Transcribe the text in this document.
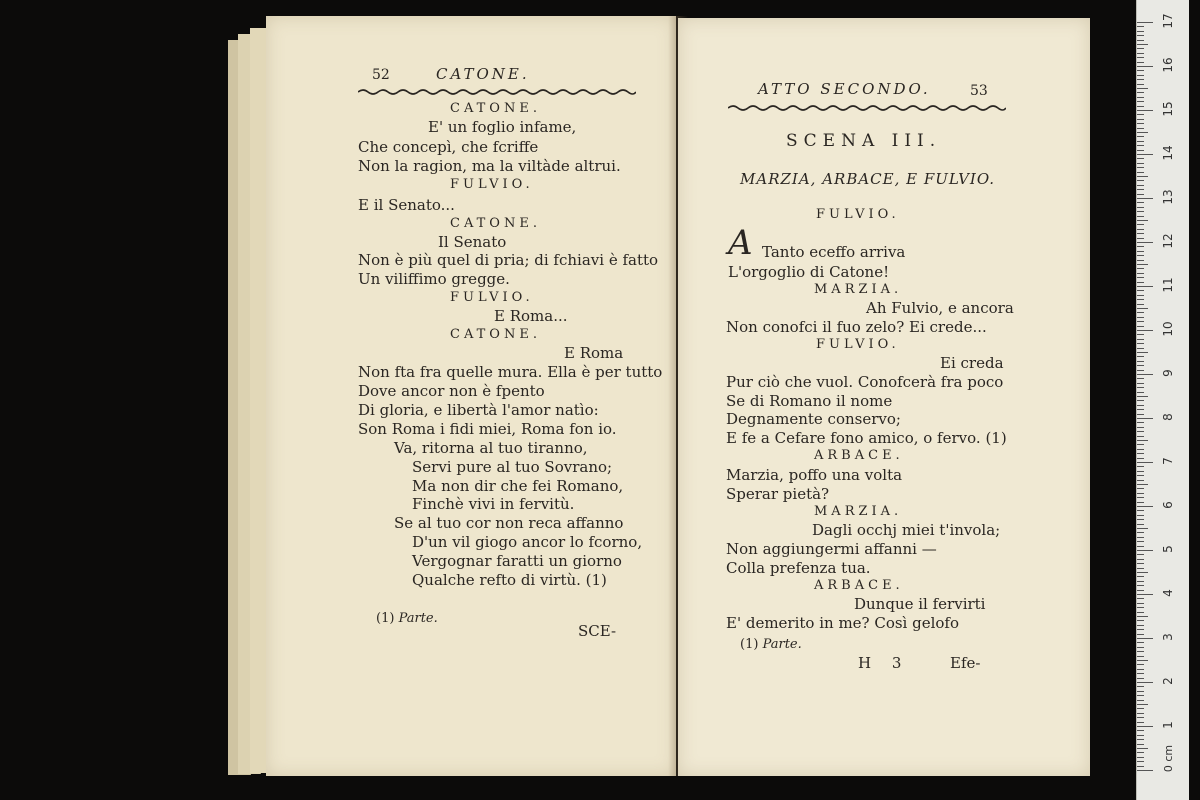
52	CATONE.
CATONE.
E' un foglio infame,
Che concepì, che fcriffe
Non la ragion, ma la viltàde altrui.
FULVIO.
E il Senato...
CATONE.
Il Senato
Non è più quel di pria; di fchiavi è fatto
Un viliffimo gregge.
FULVIO.
E Roma...
CATONE.
E Roma
Non fta fra quelle mura. Ella è per tutto
Dove ancor non è fpento
Di gloria, e libertà l'amor natìo:
Son Roma i fidi miei, Roma fon io.
Va, ritorna al tuo tiranno,
Servi pure al tuo Sovrano;
Ma non dir che fei Romano,
Finchè vivi in fervitù.
Se al tuo cor non reca affanno
D'un vil giogo ancor lo fcorno,
Vergognar faratti un giorno
Qualche refto di virtù. (1)
(1) Parte.
SCE-
ATTO SECONDO.	53
SCENA III.
MARZIA, ARBACE, E FULVIO.
FULVIO.
A Tanto eceffo arriva
L'orgoglio di Catone!
MARZIA.
Ah Fulvio, e ancora
Non conofci il fuo zelo? Ei crede...
FULVIO.
Ei creda
Pur ciò che vuol. Conofcerà fra poco
Se di Romano il nome
Degnamente conservo;
E fe a Cefare fono amico, o fervo. (1)
ARBACE.
Marzia, poffo una volta
Sperar pietà?
MARZIA.
Dagli occhj miei t'invola;
Non aggiungermi affanni —
Colla prefenza tua.
ARBACE.
Dunque il fervirti
E' demerito in me? Così gelofo
(1) Parte.
H 3	Efe-
1
2
3
4
5
6
7
8
9
10
11
12
13
14
15
16
17
0 cm
